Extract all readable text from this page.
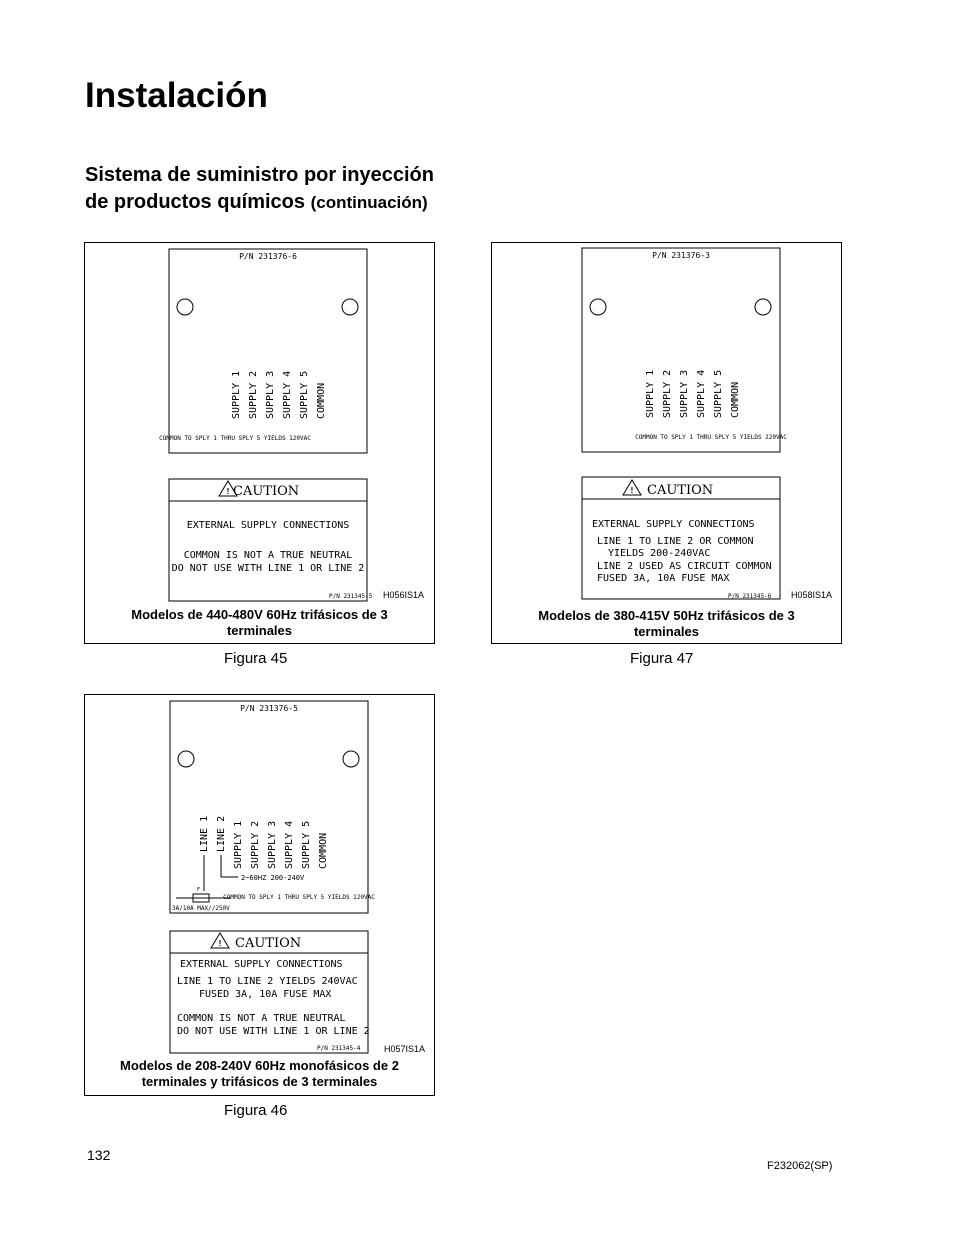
Instalación
Sistema de suministro por inyección
de productos químicos (continuación)
P/N 231376-6
SUPPLY 1 SUPPLY 2 SUPPLY 3 SUPPLY 4 SUPPLY 5 COMMON
COMMON TO SPLY 1 THRU SPLY 5 YIELDS 120VAC
! CAUTION
EXTERNAL SUPPLY CONNECTIONS
COMMON IS NOT A TRUE NEUTRAL
DO NOT USE WITH LINE 1 OR LINE 2
P/N 231345-5 H056IS1A
Modelos de 440-480V 60Hz trifásicos de 3
terminales
Figura 45
P/N 231376-3
SUPPLY 1 SUPPLY 2 SUPPLY 3 SUPPLY 4 SUPPLY 5 COMMON
COMMON TO SPLY 1 THRU SPLY 5 YIELDS 220VAC
! CAUTION
EXTERNAL SUPPLY CONNECTIONS
LINE 1 TO LINE 2 OR COMMON
YIELDS 200-240VAC
LINE 2 USED AS CIRCUIT COMMON
FUSED 3A, 10A FUSE MAX
P/N 231345-6 H058IS1A
Modelos de 380-415V 50Hz trifásicos de 3
terminales
Figura 47
P/N 231376-5
LINE 1 LINE 2 SUPPLY 1 SUPPLY 2 SUPPLY 3 SUPPLY 4 SUPPLY 5 COMMON
2~60HZ 200-240V
F
3A/10A MAX//250V
COMMON TO SPLY 1 THRU SPLY 5 YIELDS 120VAC
! CAUTION
EXTERNAL SUPPLY CONNECTIONS
LINE 1 TO LINE 2 YIELDS 240VAC
FUSED 3A, 10A FUSE MAX
COMMON IS NOT A TRUE NEUTRAL
DO NOT USE WITH LINE 1 OR LINE 2
P/N 231345-4	H057IS1A
Modelos de 208-240V 60Hz monofásicos de 2
terminales y trifásicos de 3 terminales
Figura 46
132
F232062(SP)
